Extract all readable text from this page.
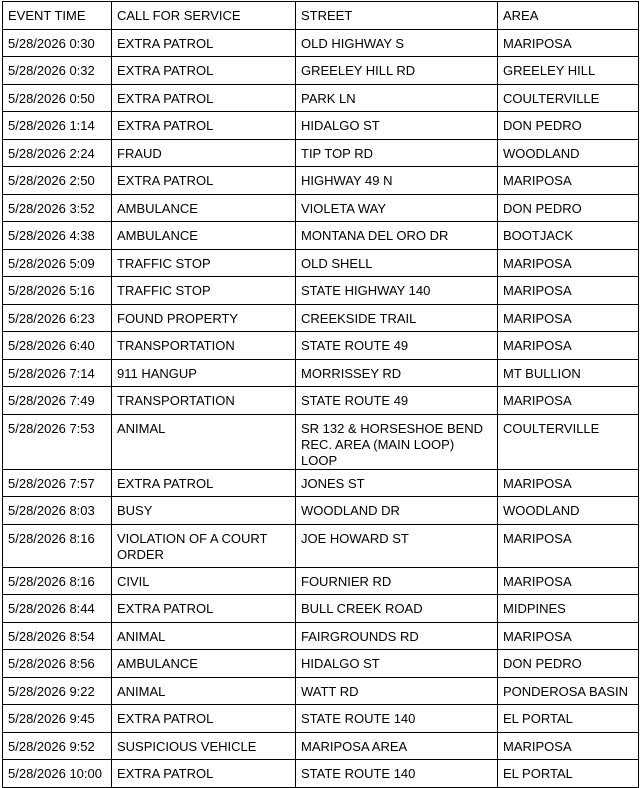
EVENT TIME	CALL FOR SERVICE	STREET	AREA
5/28/2026 0:30	EXTRA PATROL	OLD HIGHWAY S	MARIPOSA
5/28/2026 0:32	EXTRA PATROL	GREELEY HILL RD	GREELEY HILL
5/28/2026 0:50	EXTRA PATROL	PARK LN	COULTERVILLE
5/28/2026 1:14	EXTRA PATROL	HIDALGO ST	DON PEDRO
5/28/2026 2:24	FRAUD	TIP TOP RD	WOODLAND
5/28/2026 2:50	EXTRA PATROL	HIGHWAY 49 N	MARIPOSA
5/28/2026 3:52	AMBULANCE	VIOLETA WAY	DON PEDRO
5/28/2026 4:38	AMBULANCE	MONTANA DEL ORO DR	BOOTJACK
5/28/2026 5:09	TRAFFIC STOP	OLD SHELL	MARIPOSA
5/28/2026 5:16	TRAFFIC STOP	STATE HIGHWAY 140	MARIPOSA
5/28/2026 6:23	FOUND PROPERTY	CREEKSIDE TRAIL	MARIPOSA
5/28/2026 6:40	TRANSPORTATION	STATE ROUTE 49	MARIPOSA
5/28/2026 7:14	911 HANGUP	MORRISSEY RD	MT BULLION
5/28/2026 7:49	TRANSPORTATION	STATE ROUTE 49	MARIPOSA
5/28/2026 7:53	ANIMAL	SR 132 & HORSESHOE BEND REC. AREA (MAIN LOOP) LOOP	COULTERVILLE
5/28/2026 7:57	EXTRA PATROL	JONES ST	MARIPOSA
5/28/2026 8:03	BUSY	WOODLAND DR	WOODLAND
5/28/2026 8:16	VIOLATION OF A COURT ORDER	JOE HOWARD ST	MARIPOSA
5/28/2026 8:16	CIVIL	FOURNIER RD	MARIPOSA
5/28/2026 8:44	EXTRA PATROL	BULL CREEK ROAD	MIDPINES
5/28/2026 8:54	ANIMAL	FAIRGROUNDS RD	MARIPOSA
5/28/2026 8:56	AMBULANCE	HIDALGO ST	DON PEDRO
5/28/2026 9:22	ANIMAL	WATT RD	PONDEROSA BASIN
5/28/2026 9:45	EXTRA PATROL	STATE ROUTE 140	EL PORTAL
5/28/2026 9:52	SUSPICIOUS VEHICLE	MARIPOSA AREA	MARIPOSA
5/28/2026 10:00	EXTRA PATROL	STATE ROUTE 140	EL PORTAL
